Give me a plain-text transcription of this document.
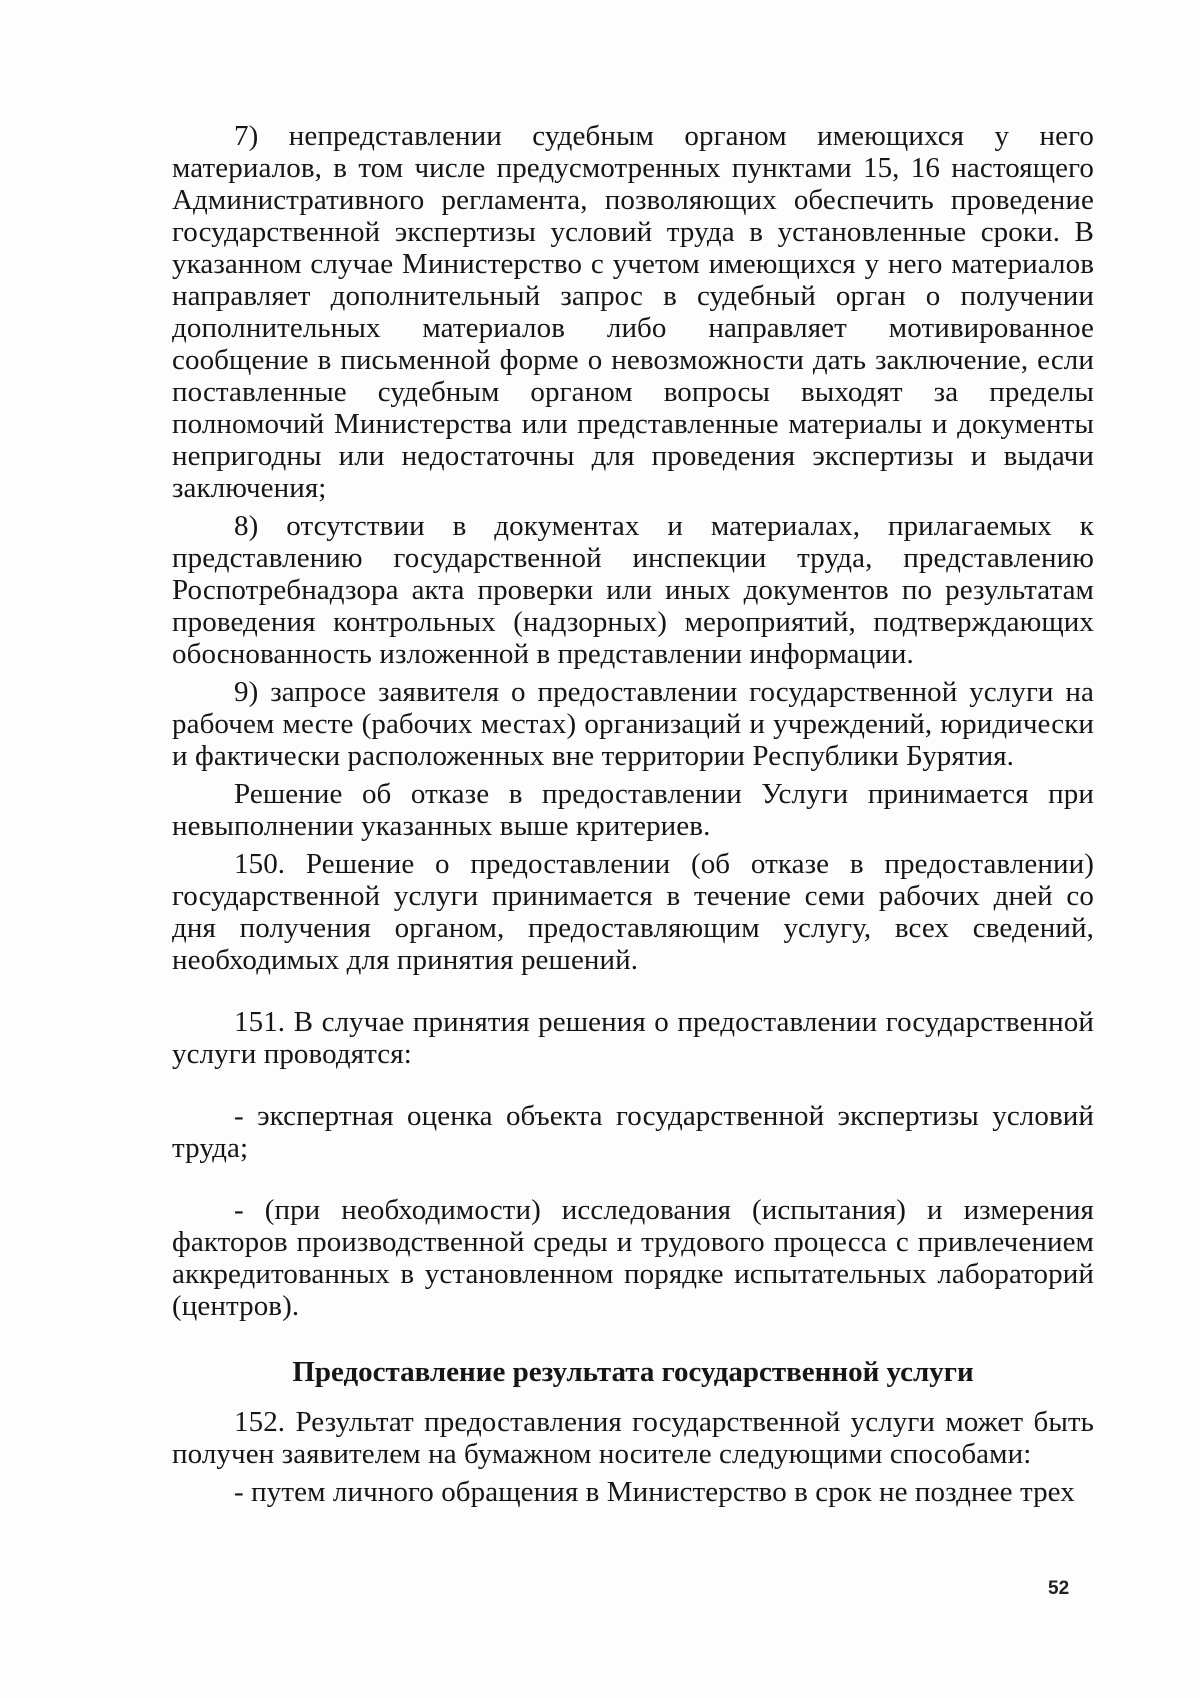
7) непредставлении судебным органом имеющихся у него материалов, в том числе предусмотренных пунктами 15, 16 настоящего Административного регламента, позволяющих обеспечить проведение государственной экспертизы условий труда в установленные сроки. В указанном случае Министерство с учетом имеющихся у него материалов направляет дополнительный запрос в судебный орган о получении дополнительных материалов либо направляет мотивированное сообщение в письменной форме о невозможности дать заключение, если поставленные судебным органом вопросы выходят за пределы полномочий Министерства или представленные материалы и документы непригодны или недостаточны для проведения экспертизы и выдачи заключения;

8) отсутствии в документах и материалах, прилагаемых к представлению государственной инспекции труда, представлению Роспотребнадзора акта проверки или иных документов по результатам проведения контрольных (надзорных) мероприятий, подтверждающих обоснованность изложенной в представлении информации.

9) запросе заявителя о предоставлении государственной услуги на рабочем месте (рабочих местах) организаций и учреждений, юридически и фактически расположенных вне территории Республики Бурятия.

Решение об отказе в предоставлении Услуги принимается при невыполнении указанных выше критериев.

150. Решение о предоставлении (об отказе в предоставлении) государственной услуги принимается в течение семи рабочих дней со дня получения органом, предоставляющим услугу, всех сведений, необходимых для принятия решений.

151. В случае принятия решения о предоставлении государственной услуги проводятся:

- экспертная оценка объекта государственной экспертизы условий труда;

- (при необходимости) исследования (испытания) и измерения факторов производственной среды и трудового процесса с привлечением аккредитованных в установленном порядке испытательных лабораторий (центров).

Предоставление результата государственной услуги

152. Результат предоставления государственной услуги может быть получен заявителем на бумажном носителе следующими способами:

- путем личного обращения в Министерство в срок не позднее трех

52
